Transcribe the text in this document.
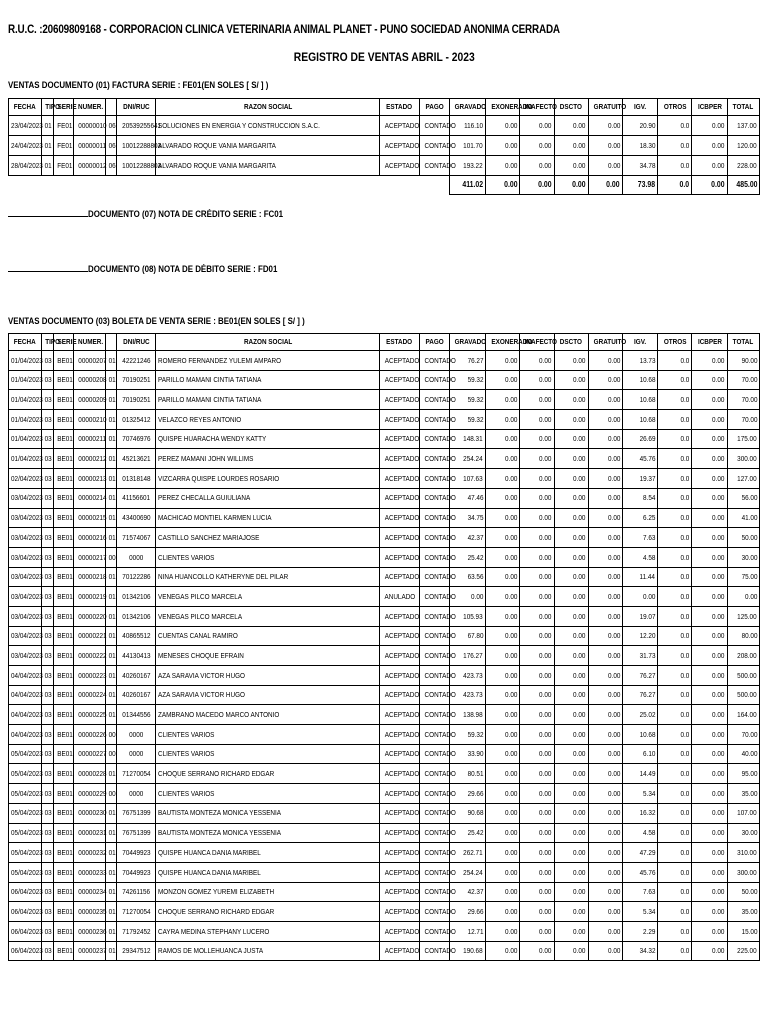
R.U.C. :20609809168 - CORPORACION CLINICA VETERINARIA ANIMAL PLANET - PUNO SOCIEDAD ANONIMA CERRADA
REGISTRO DE VENTAS ABRIL - 2023
VENTAS DOCUMENTO (01) FACTURA SERIE : FE01(EN SOLES [ S/ ] )
FECHA	TIPO	SERIE	NUMER.		DNI/RUC	RAZON SOCIAL	ESTADO	PAGO	GRAVADO	EXONERADO	INAFECTO	DSCTO	GRATUITO	IGV.	OTROS	ICBPER	TOTAL
23/04/2023	01	FE01	00000010	06	20539255641	SOLUCIONES EN ENERGIA Y CONSTRUCCION S.A.C.	ACEPTADO	CONTADO	116.10	0.00	0.00	0.00	0.00	20.90	0.0	0.00	137.00
24/04/2023	01	FE01	00000011	06	10012288803	ALVARADO ROQUE VANIA MARGARITA	ACEPTADO	CONTADO	101.70	0.00	0.00	0.00	0.00	18.30	0.0	0.00	120.00
28/04/2023	01	FE01	00000012	06	10012288803	ALVARADO ROQUE VANIA MARGARITA	ACEPTADO	CONTADO	193.22	0.00	0.00	0.00	0.00	34.78	0.0	0.00	228.00
									411.02	0.00	0.00	0.00	0.00	73.98	0.0	0.00	485.00
DOCUMENTO (07) NOTA DE CRÉDITO SERIE : FC01
DOCUMENTO (08) NOTA DE DÉBITO SERIE : FD01
VENTAS DOCUMENTO (03) BOLETA DE VENTA SERIE : BE01(EN SOLES [ S/ ] )
FECHA	TIPO	SERIE	NUMER.		DNI/RUC	RAZON SOCIAL	ESTADO	PAGO	GRAVADO	EXONERADO	INAFECTO	DSCTO	GRATUITO	IGV.	OTROS	ICBPER	TOTAL
01/04/2023	03	BE01	00000207	01	42221246	ROMERO FERNANDEZ YULEMI AMPARO	ACEPTADO	CONTADO	76.27	0.00	0.00	0.00	0.00	13.73	0.0	0.00	90.00
01/04/2023	03	BE01	00000208	01	70190251	PARILLO MAMANI CINTIA TATIANA	ACEPTADO	CONTADO	59.32	0.00	0.00	0.00	0.00	10.68	0.0	0.00	70.00
01/04/2023	03	BE01	00000209	01	70190251	PARILLO MAMANI CINTIA TATIANA	ACEPTADO	CONTADO	59.32	0.00	0.00	0.00	0.00	10.68	0.0	0.00	70.00
01/04/2023	03	BE01	00000210	01	01325412	VELAZCO REYES ANTONIO	ACEPTADO	CONTADO	59.32	0.00	0.00	0.00	0.00	10.68	0.0	0.00	70.00
01/04/2023	03	BE01	00000211	01	70746976	QUISPE HUARACHA WENDY KATTY	ACEPTADO	CONTADO	148.31	0.00	0.00	0.00	0.00	26.69	0.0	0.00	175.00
01/04/2023	03	BE01	00000212	01	45213621	PEREZ MAMANI JOHN WILLIMS	ACEPTADO	CONTADO	254.24	0.00	0.00	0.00	0.00	45.76	0.0	0.00	300.00
02/04/2023	03	BE01	00000213	01	01318148	VIZCARRA QUISPE LOURDES ROSARIO	ACEPTADO	CONTADO	107.63	0.00	0.00	0.00	0.00	19.37	0.0	0.00	127.00
03/04/2023	03	BE01	00000214	01	41156601	PEREZ CHECALLA GUIULIANA	ACEPTADO	CONTADO	47.46	0.00	0.00	0.00	0.00	8.54	0.0	0.00	56.00
03/04/2023	03	BE01	00000215	01	43400690	MACHICAO MONTIEL KARMEN LUCIA	ACEPTADO	CONTADO	34.75	0.00	0.00	0.00	0.00	6.25	0.0	0.00	41.00
03/04/2023	03	BE01	00000216	01	71574067	CASTILLO SANCHEZ MARIAJOSE	ACEPTADO	CONTADO	42.37	0.00	0.00	0.00	0.00	7.63	0.0	0.00	50.00
03/04/2023	03	BE01	00000217	00	0000	CLIENTES VARIOS	ACEPTADO	CONTADO	25.42	0.00	0.00	0.00	0.00	4.58	0.0	0.00	30.00
03/04/2023	03	BE01	00000218	01	70122286	NINA HUANCOLLO KATHERYNE DEL PILAR	ACEPTADO	CONTADO	63.56	0.00	0.00	0.00	0.00	11.44	0.0	0.00	75.00
03/04/2023	03	BE01	00000219	01	01342106	VENEGAS PILCO MARCELA	ANULADO	CONTADO	0.00	0.00	0.00	0.00	0.00	0.00	0.0	0.00	0.00
03/04/2023	03	BE01	00000220	01	01342106	VENEGAS PILCO MARCELA	ACEPTADO	CONTADO	105.93	0.00	0.00	0.00	0.00	19.07	0.0	0.00	125.00
03/04/2023	03	BE01	00000221	01	40865512	CUENTAS CANAL RAMIRO	ACEPTADO	CONTADO	67.80	0.00	0.00	0.00	0.00	12.20	0.0	0.00	80.00
03/04/2023	03	BE01	00000222	01	44130413	MENESES CHOQUE EFRAIN	ACEPTADO	CONTADO	176.27	0.00	0.00	0.00	0.00	31.73	0.0	0.00	208.00
04/04/2023	03	BE01	00000223	01	40260167	AZA SARAVIA VICTOR HUGO	ACEPTADO	CONTADO	423.73	0.00	0.00	0.00	0.00	76.27	0.0	0.00	500.00
04/04/2023	03	BE01	00000224	01	40260167	AZA SARAVIA VICTOR HUGO	ACEPTADO	CONTADO	423.73	0.00	0.00	0.00	0.00	76.27	0.0	0.00	500.00
04/04/2023	03	BE01	00000225	01	01344556	ZAMBRANO MACEDO MARCO ANTONIO	ACEPTADO	CONTADO	138.98	0.00	0.00	0.00	0.00	25.02	0.0	0.00	164.00
04/04/2023	03	BE01	00000226	00	0000	CLIENTES VARIOS	ACEPTADO	CONTADO	59.32	0.00	0.00	0.00	0.00	10.68	0.0	0.00	70.00
05/04/2023	03	BE01	00000227	00	0000	CLIENTES VARIOS	ACEPTADO	CONTADO	33.90	0.00	0.00	0.00	0.00	6.10	0.0	0.00	40.00
05/04/2023	03	BE01	00000228	01	71270054	CHOQUE SERRANO RICHARD EDGAR	ACEPTADO	CONTADO	80.51	0.00	0.00	0.00	0.00	14.49	0.0	0.00	95.00
05/04/2023	03	BE01	00000229	00	0000	CLIENTES VARIOS	ACEPTADO	CONTADO	29.66	0.00	0.00	0.00	0.00	5.34	0.0	0.00	35.00
05/04/2023	03	BE01	00000230	01	76751399	BAUTISTA MONTEZA MONICA YESSENIA	ACEPTADO	CONTADO	90.68	0.00	0.00	0.00	0.00	16.32	0.0	0.00	107.00
05/04/2023	03	BE01	00000231	01	76751399	BAUTISTA MONTEZA MONICA YESSENIA	ACEPTADO	CONTADO	25.42	0.00	0.00	0.00	0.00	4.58	0.0	0.00	30.00
05/04/2023	03	BE01	00000232	01	70449923	QUISPE HUANCA DANIA MARIBEL	ACEPTADO	CONTADO	262.71	0.00	0.00	0.00	0.00	47.29	0.0	0.00	310.00
05/04/2023	03	BE01	00000233	01	70449923	QUISPE HUANCA DANIA MARIBEL	ACEPTADO	CONTADO	254.24	0.00	0.00	0.00	0.00	45.76	0.0	0.00	300.00
06/04/2023	03	BE01	00000234	01	74261156	MONZON GOMEZ YUREMI ELIZABETH	ACEPTADO	CONTADO	42.37	0.00	0.00	0.00	0.00	7.63	0.0	0.00	50.00
06/04/2023	03	BE01	00000235	01	71270054	CHOQUE SERRANO RICHARD EDGAR	ACEPTADO	CONTADO	29.66	0.00	0.00	0.00	0.00	5.34	0.0	0.00	35.00
06/04/2023	03	BE01	00000236	01	71792452	CAYRA MEDINA STEPHANY LUCERO	ACEPTADO	CONTADO	12.71	0.00	0.00	0.00	0.00	2.29	0.0	0.00	15.00
06/04/2023	03	BE01	00000237	01	29347512	RAMOS DE MOLLEHUANCA JUSTA	ACEPTADO	CONTADO	190.68	0.00	0.00	0.00	0.00	34.32	0.0	0.00	225.00
